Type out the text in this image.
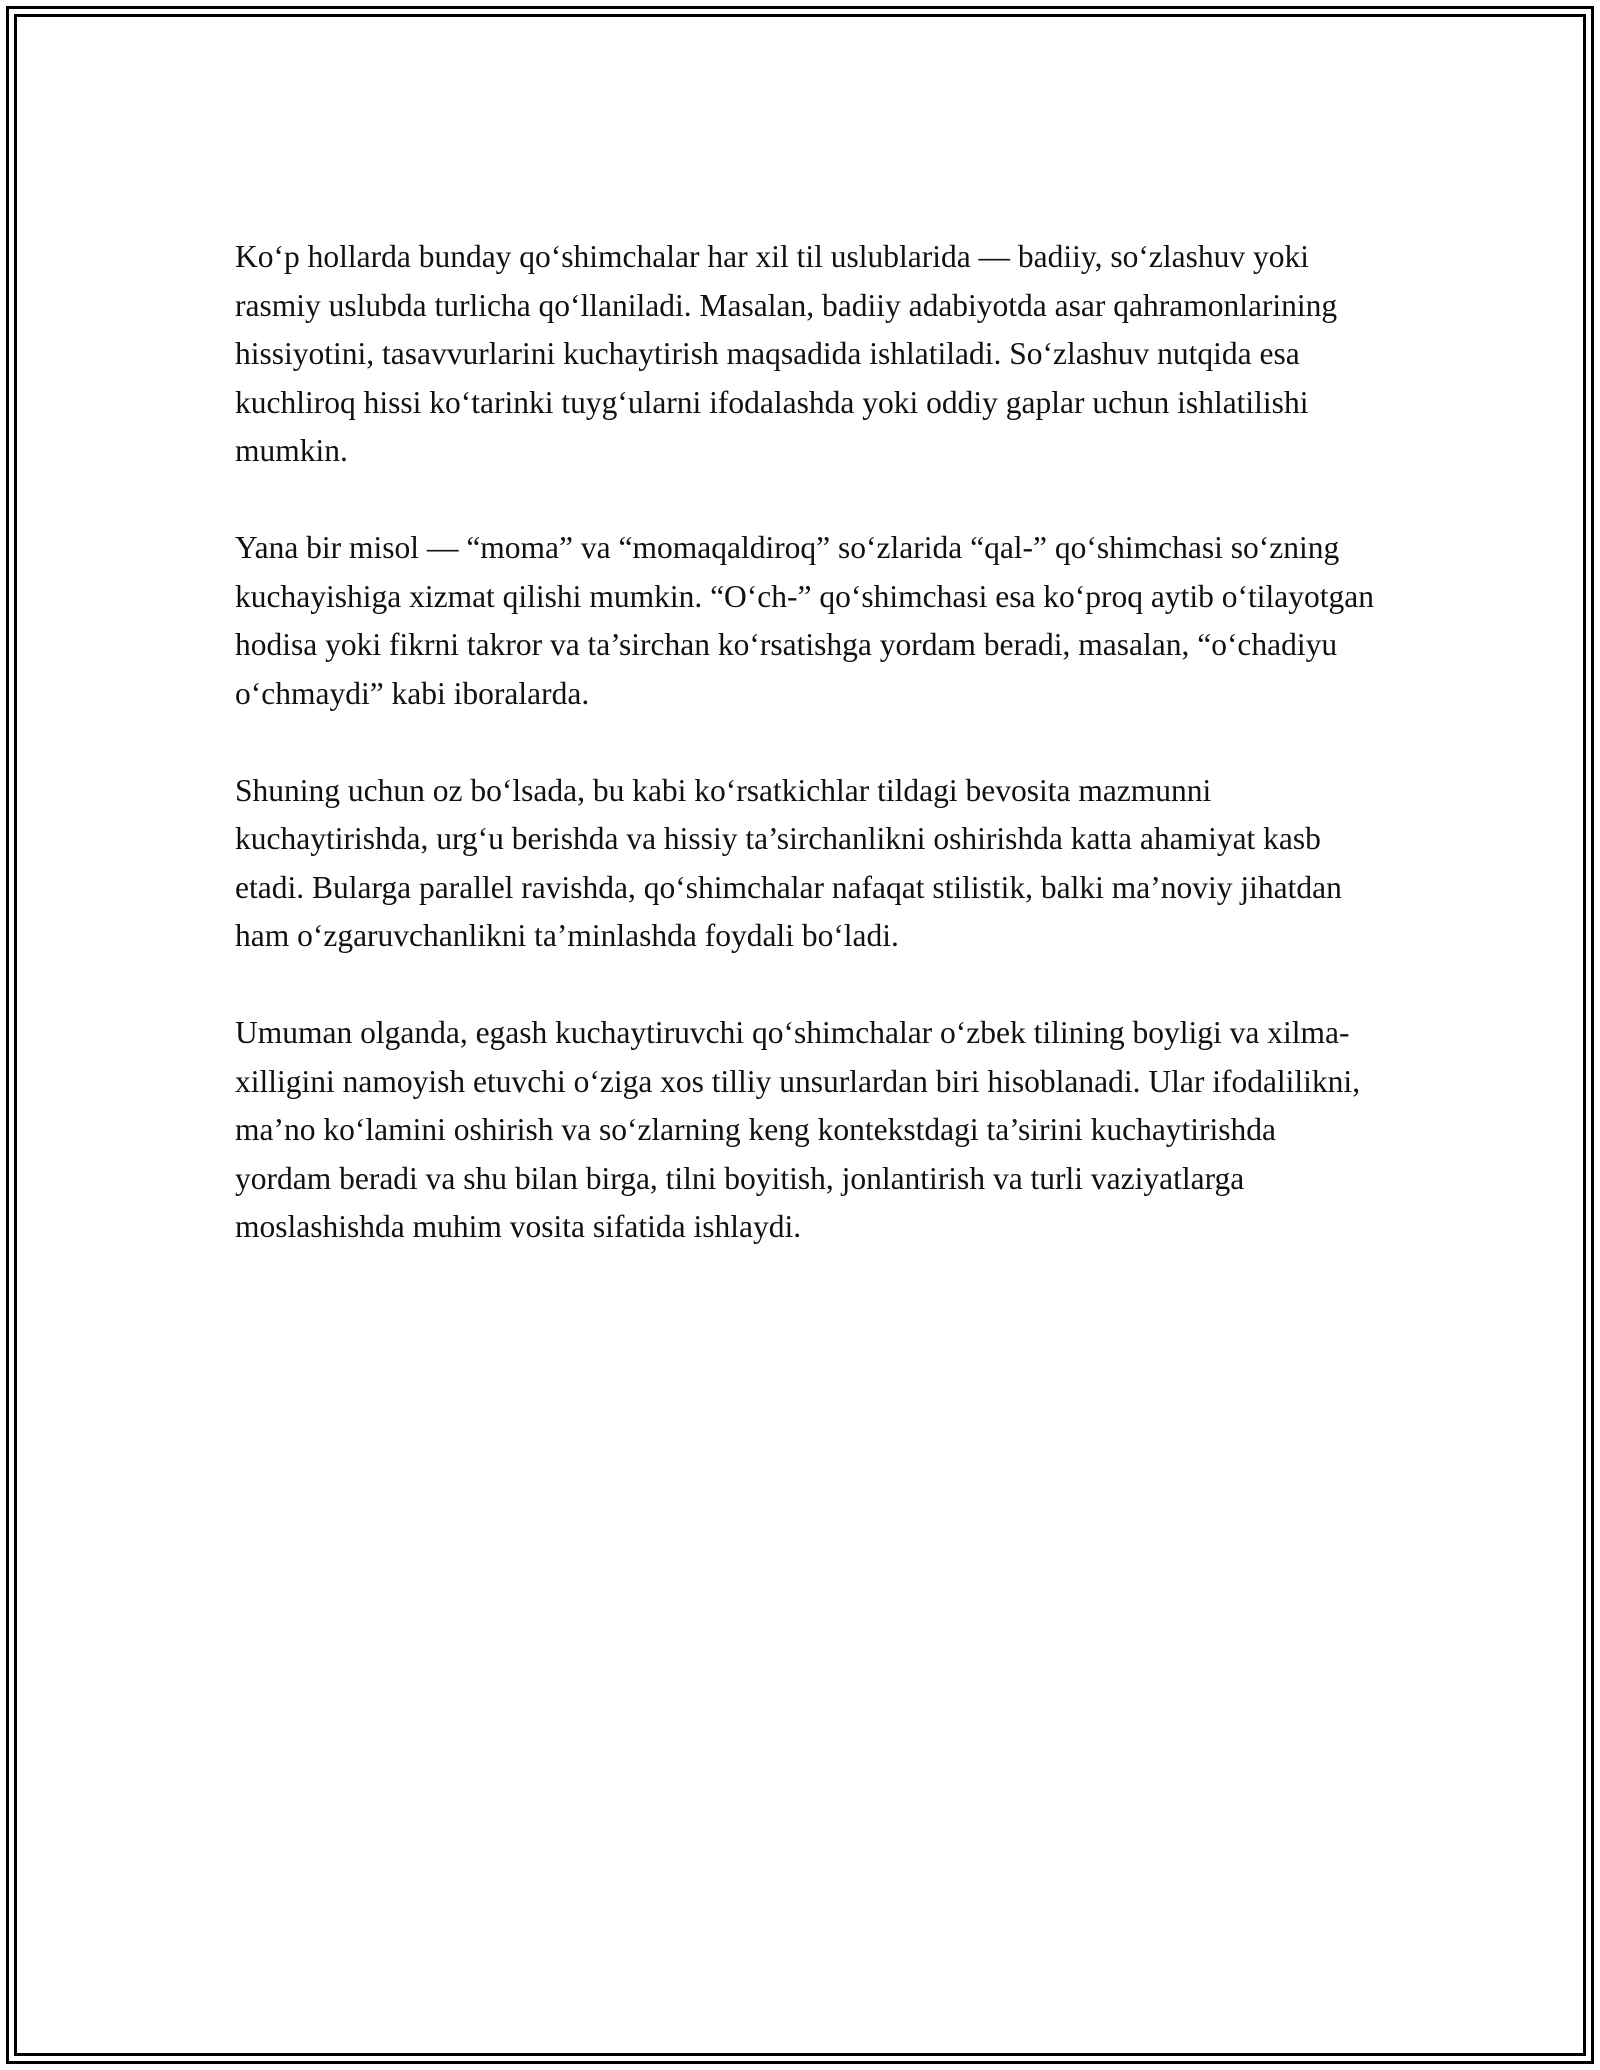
Ko‘p hollarda bunday qo‘shimchalar har xil til uslublarida — badiiy, so‘zlashuv yoki rasmiy uslubda turlicha qo‘llaniladi. Masalan, badiiy adabiyotda asar qahramonlarining hissiyotini, tasavvurlarini kuchaytirish maqsadida ishlatiladi. So‘zlashuv nutqida esa kuchliroq hissi ko‘tarinki tuyg‘ularni ifodalashda yoki oddiy gaplar uchun ishlatilishi mumkin.

Yana bir misol — “moma” va “momaqaldiroq” so‘zlarida “qal-” qo‘shimchasi so‘zning kuchayishiga xizmat qilishi mumkin. “O‘ch-” qo‘shimchasi esa ko‘proq aytib o‘tilayotgan hodisa yoki fikrni takror va ta’sirchan ko‘rsatishga yordam beradi, masalan, “o‘chadiyu o‘chmaydi” kabi iboralarda.

Shuning uchun oz bo‘lsada, bu kabi ko‘rsatkichlar tildagi bevosita mazmunni kuchaytirishda, urg‘u berishda va hissiy ta’sirchanlikni oshirishda katta ahamiyat kasb etadi. Bularga parallel ravishda, qo‘shimchalar nafaqat stilistik, balki ma’noviy jihatdan ham o‘zgaruvchanlikni ta’minlashda foydali bo‘ladi.

Umuman olganda, egash kuchaytiruvchi qo‘shimchalar o‘zbek tilining boyligi va xilma-xilligini namoyish etuvchi o‘ziga xos tilliy unsurlardan biri hisoblanadi. Ular ifodalilikni, ma’no ko‘lamini oshirish va so‘zlarning keng kontekstdagi ta’sirini kuchaytirishda yordam beradi va shu bilan birga, tilni boyitish, jonlantirish va turli vaziyatlarga moslashishda muhim vosita sifatida ishlaydi.
